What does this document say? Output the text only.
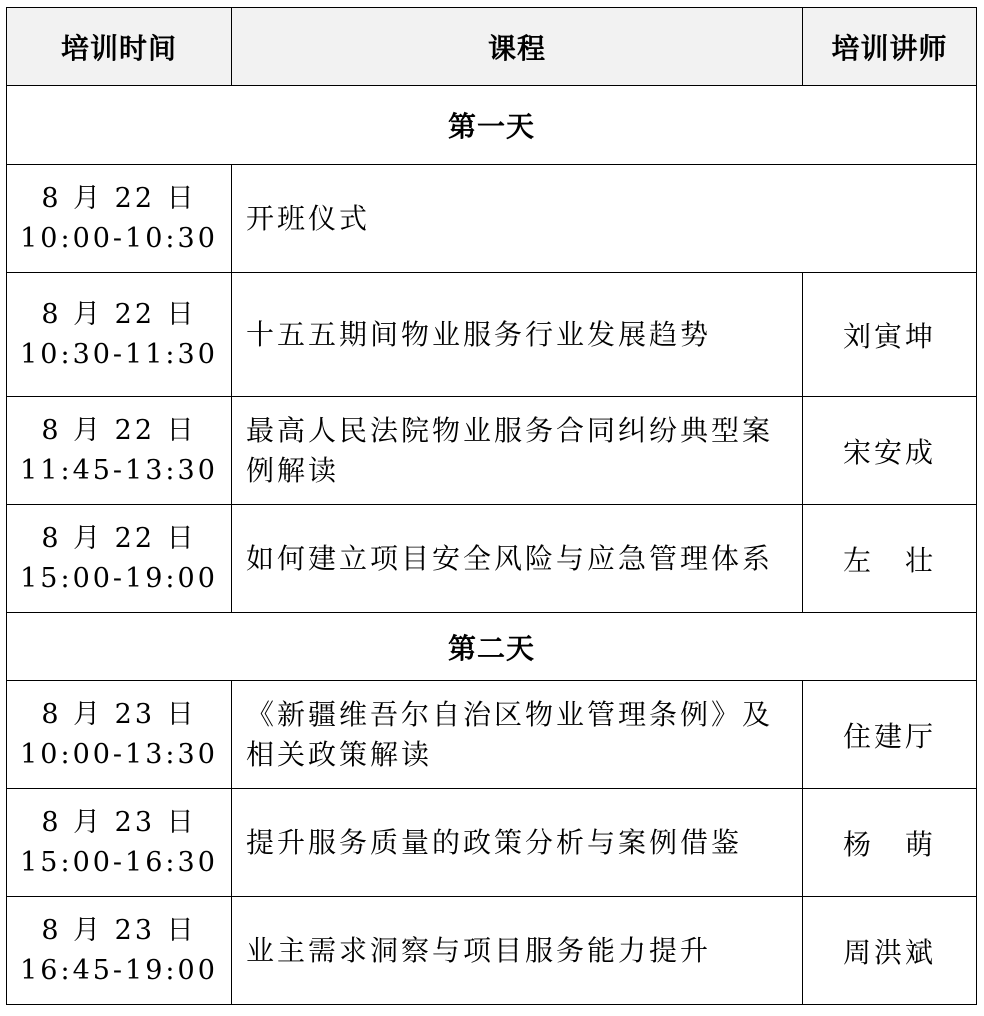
培训时间	课程	培训讲师
第一天		

8 月 22 日
10:00-10:30	开班仪式	

8 月 22 日
10:30-11:30	十五五期间物业服务行业发展趋势	刘寅坤

8 月 22 日
11:45-13:30	最高人民法院物业服务合同纠纷典型案例解读	宋安成

8 月 22 日
15:00-19:00	如何建立项目安全风险与应急管理体系	左　壮
第二天		

8 月 23 日
10:00-13:30	《新疆维吾尔自治区物业管理条例》及相关政策解读	住建厅

8 月 23 日
15:00-16:30	提升服务质量的政策分析与案例借鉴	杨　萌

8 月 23 日
16:45-19:00	业主需求洞察与项目服务能力提升	周洪斌
